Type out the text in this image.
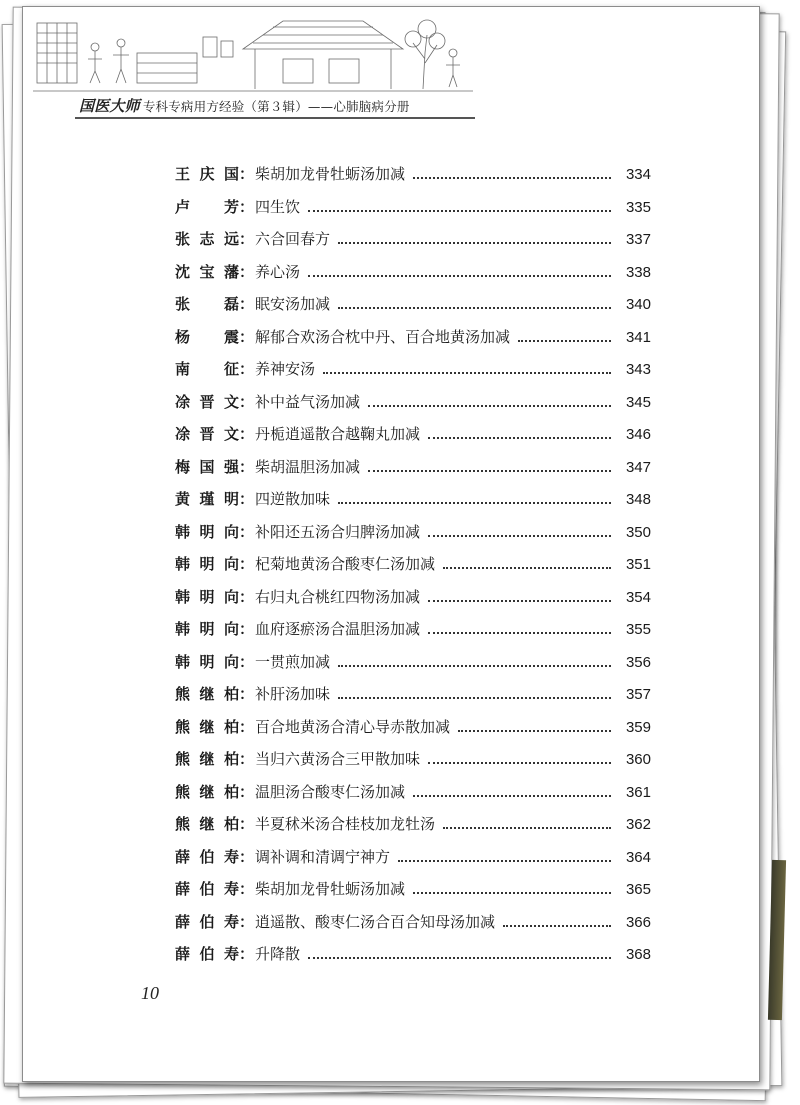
国医大师 专科专病用方经验（第３辑）——心肺脑病分册
王庆国 ： 柴胡加龙骨牡蛎汤加减	334
卢　芳 ： 四生饮	335
张志远 ： 六合回春方	337
沈宝藩 ： 养心汤	338
张　磊 ： 眠安汤加减	340
杨　震 ： 解郁合欢汤合枕中丹、百合地黄汤加减	341
南　征 ： 养神安汤	343
凃晋文 ： 补中益气汤加减	345
凃晋文 ： 丹栀逍遥散合越鞠丸加减	346
梅国强 ： 柴胡温胆汤加减	347
黄瑾明 ： 四逆散加味	348
韩明向 ： 补阳还五汤合归脾汤加减	350
韩明向 ： 杞菊地黄汤合酸枣仁汤加减	351
韩明向 ： 右归丸合桃红四物汤加减	354
韩明向 ： 血府逐瘀汤合温胆汤加减	355
韩明向 ： 一贯煎加减	356
熊继柏 ： 补肝汤加味	357
熊继柏 ： 百合地黄汤合清心导赤散加减	359
熊继柏 ： 当归六黄汤合三甲散加味	360
熊继柏 ： 温胆汤合酸枣仁汤加减	361
熊继柏 ： 半夏秫米汤合桂枝加龙牡汤	362
薛伯寿 ： 调补调和清调宁神方	364
薛伯寿 ： 柴胡加龙骨牡蛎汤加减	365
薛伯寿 ： 逍遥散、酸枣仁汤合百合知母汤加减	366
薛伯寿 ： 升降散	368
10
